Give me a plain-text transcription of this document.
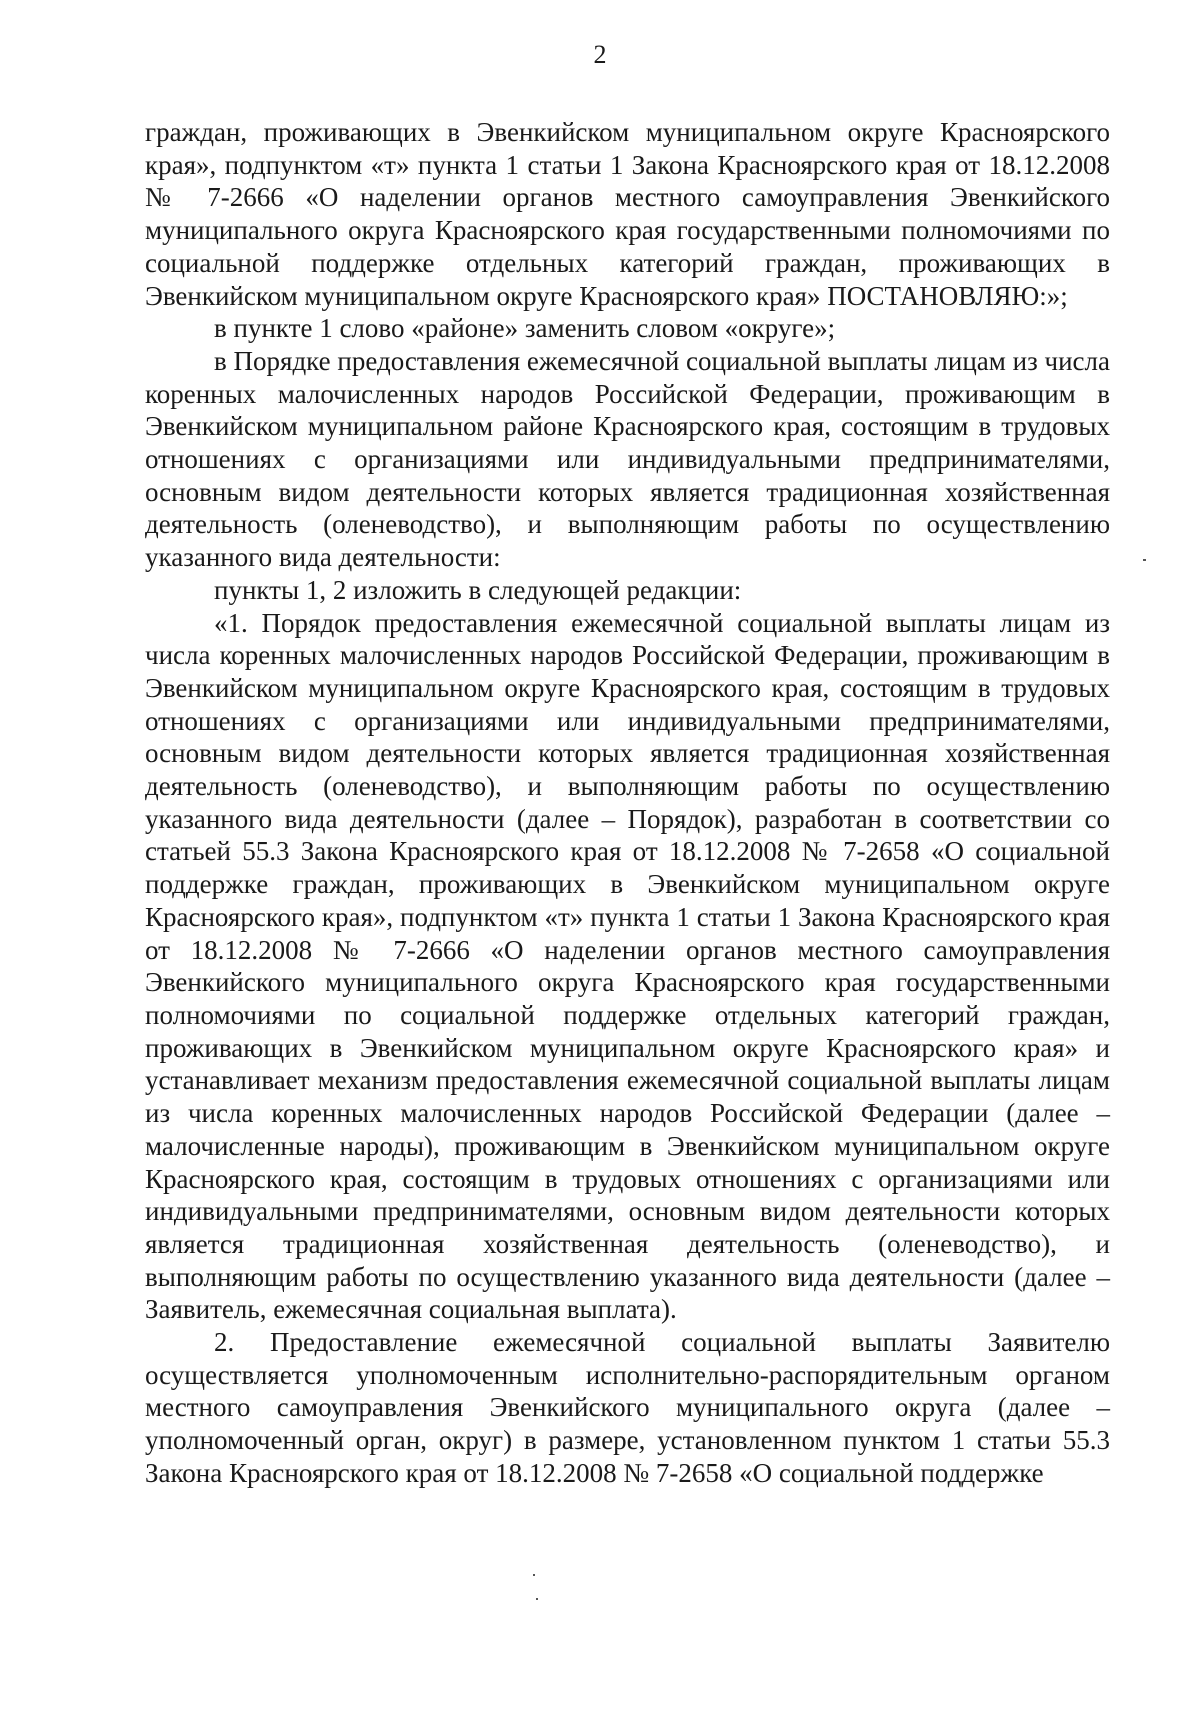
2

граждан, проживающих в Эвенкийском муниципальном округе Красноярского края», подпунктом «т» пункта 1 статьи 1 Закона Красноярского края от 18.12.2008 № 7-2666 «О наделении органов местного самоуправления Эвенкийского муниципального округа Красноярского края государственными полномочиями по социальной поддержке отдельных категорий граждан, проживающих в Эвенкийском муниципальном округе Красноярского края» ПОСТАНОВЛЯЮ:»;

в пункте 1 слово «районе» заменить словом «округе»;

в Порядке предоставления ежемесячной социальной выплаты лицам из числа коренных малочисленных народов Российской Федерации, проживающим в Эвенкийском муниципальном районе Красноярского края, состоящим в трудовых отношениях с организациями или индивидуальными предпринимателями, основным видом деятельности которых является традиционная хозяйственная деятельность (оленеводство), и выполняющим работы по осуществлению указанного вида деятельности:

пункты 1, 2 изложить в следующей редакции:

«1. Порядок предоставления ежемесячной социальной выплаты лицам из числа коренных малочисленных народов Российской Федерации, проживающим в Эвенкийском муниципальном округе Красноярского края, состоящим в трудовых отношениях с организациями или индивидуальными предпринимателями, основным видом деятельности которых является традиционная хозяйственная деятельность (оленеводство), и выполняющим работы по осуществлению указанного вида деятельности (далее – Порядок), разработан в соответствии со статьей 55.3 Закона Красноярского края от 18.12.2008 № 7-2658 «О социальной поддержке граждан, проживающих в Эвенкийском муниципальном округе Красноярского края», подпунктом «т» пункта 1 статьи 1 Закона Красноярского края от 18.12.2008 № 7-2666 «О наделении органов местного самоуправления Эвенкийского муниципального округа Красноярского края государственными полномочиями по социальной поддержке отдельных категорий граждан, проживающих в Эвенкийском муниципальном округе Красноярского края» и устанавливает механизм предоставления ежемесячной социальной выплаты лицам из числа коренных малочисленных народов Российской Федерации (далее – малочисленные народы), проживающим в Эвенкийском муниципальном округе Красноярского края, состоящим в трудовых отношениях с организациями или индивидуальными предпринимателями, основным видом деятельности которых является традиционная хозяйственная деятельность (оленеводство), и выполняющим работы по осуществлению указанного вида деятельности (далее – Заявитель, ежемесячная социальная выплата).

2. Предоставление ежемесячной социальной выплаты Заявителю осуществляется уполномоченным исполнительно-распорядительным органом местного самоуправления Эвенкийского муниципального округа (далее – уполномоченный орган, округ) в размере, установленном пунктом 1 статьи 55.3 Закона Красноярского края от 18.12.2008 № 7-2658 «О социальной поддержке
